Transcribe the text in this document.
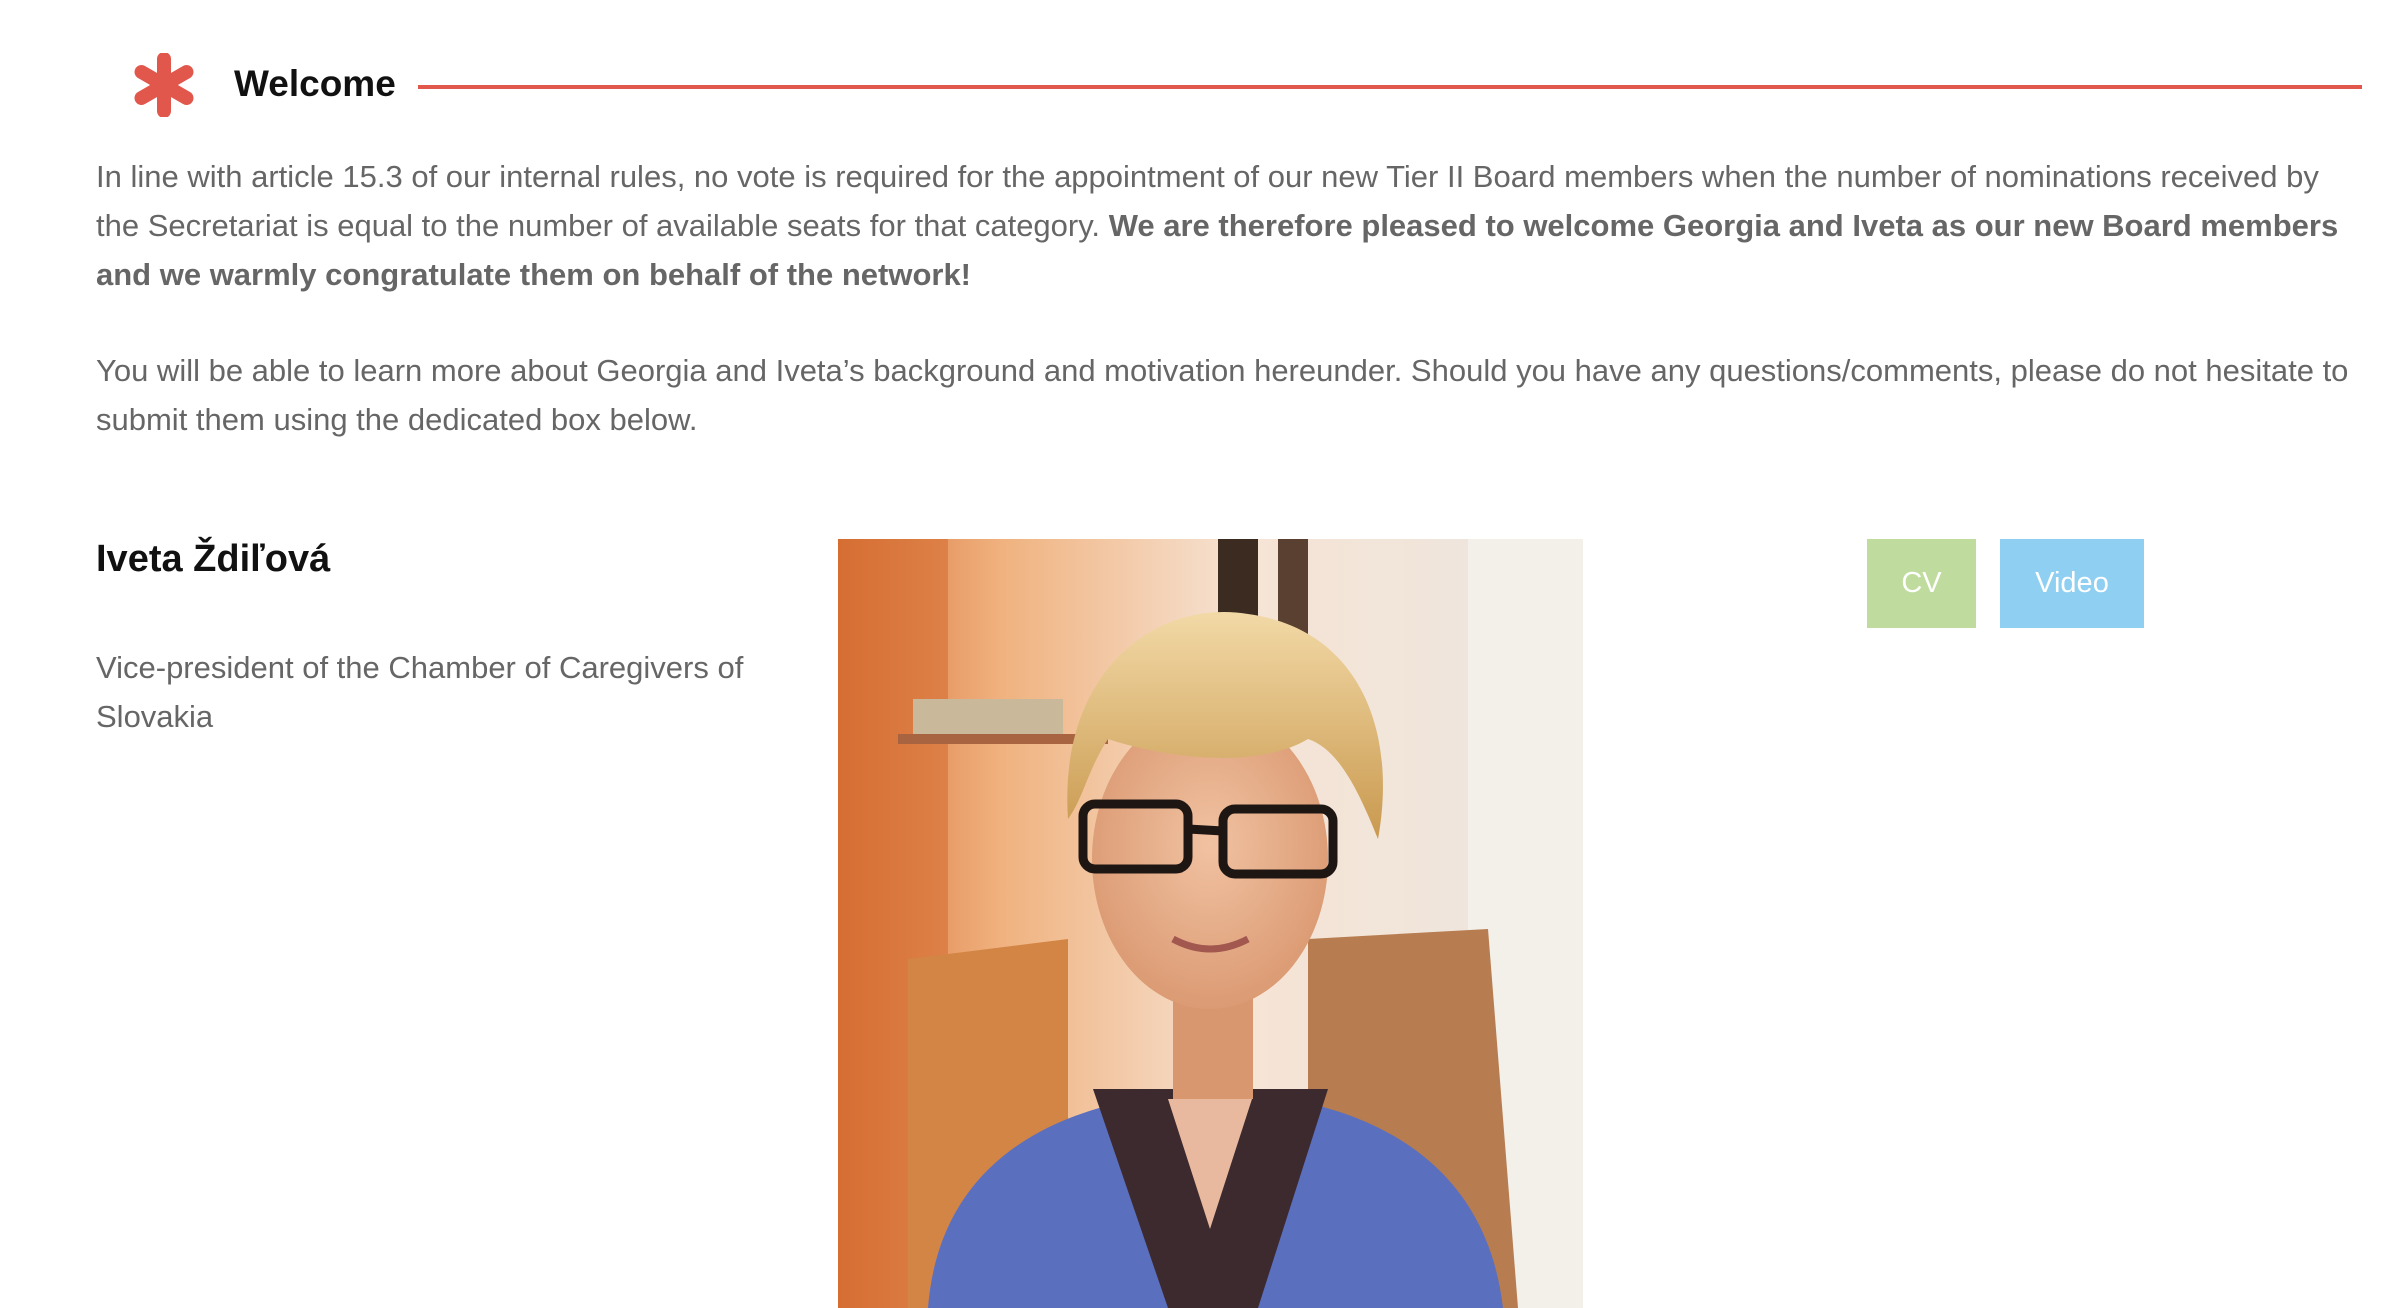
Welcome

In line with article 15.3 of our internal rules, no vote is required for the appointment of our new Tier II Board members when the number of nominations received by the Secretariat is equal to the number of available seats for that category. We are therefore pleased to welcome Georgia and Iveta as our new Board members and we warmly congratulate them on behalf of the network!

You will be able to learn more about Georgia and Iveta’s background and motivation hereunder. Should you have any questions/comments, please do not hesitate to submit them using the dedicated box below.

Iveta Ždiľová
Vice-president of the Chamber of Caregivers of Slovakia
CV	Video
